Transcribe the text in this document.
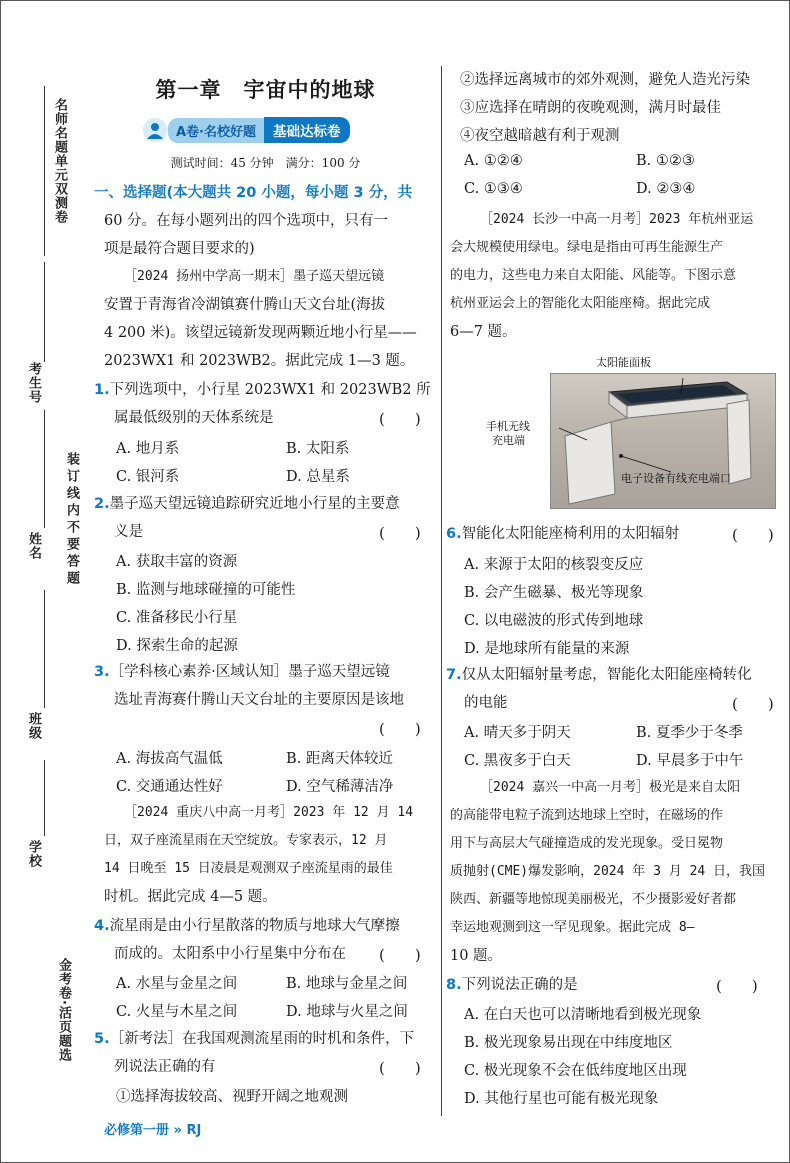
名师名题单元双测卷
考生号
姓名
班级
学校
装订线内不要答题
金考卷·活页题选
第一章　宇宙中的地球
A卷·名校好题	基础达标卷
测试时间：45 分钟　满分：100 分
一、选择题(本大题共 20 小题，每小题 3 分，共
60 分。在每小题列出的四个选项中，只有一
项是最符合题目要求的)
［2024 扬州中学高一期末］墨子巡天望远镜
安置于青海省冷湖镇赛什腾山天文台址(海拔
4 200 米)。该望远镜新发现两颗近地小行星——
2023WX1 和 2023WB2。据此完成 1—3 题。
1.下列选项中，小行星 2023WX1 和 2023WB2 所
属最低级别的天体系统是	(　　)
A. 地月系	B. 太阳系
C. 银河系	D. 总星系
2.墨子巡天望远镜追踪研究近地小行星的主要意
义是	(　　)
A. 获取丰富的资源
B. 监测与地球碰撞的可能性
C. 准备移民小行星
D. 探索生命的起源
3.［学科核心素养·区域认知］墨子巡天望远镜
选址青海赛什腾山天文台址的主要原因是该地
(　　)
A. 海拔高气温低	B. 距离天体较近
C. 交通通达性好	D. 空气稀薄洁净
［2024 重庆八中高一月考］2023 年 12 月 14
日，双子座流星雨在天空绽放。专家表示，12 月
14 日晚至 15 日凌晨是观测双子座流星雨的最佳
时机。据此完成 4—5 题。
4.流星雨是由小行星散落的物质与地球大气摩擦
而成的。太阳系中小行星集中分布在 (　　)
A. 水星与金星之间	B. 地球与金星之间
C. 火星与木星之间	D. 地球与火星之间
5.［新考法］在我国观测流星雨的时机和条件，下
列说法正确的有	(　　)
①选择海拔较高、视野开阔之地观测
必修第一册 » RJ
②选择远离城市的郊外观测，避免人造光污染
③应选择在晴朗的夜晚观测，满月时最佳
④夜空越暗越有利于观测
A. ①②④	B. ①②③
C. ①③④	D. ②③④
［2024 长沙一中高一月考］2023 年杭州亚运
会大规模使用绿电。绿电是指由可再生能源生产
的电力，这些电力来自太阳能、风能等。下图示意
杭州亚运会上的智能化太阳能座椅。据此完成
6—7 题。
太阳能面板
手机无线
充电端
电子设备有线充电端口
6.智能化太阳能座椅利用的太阳辐射	(　　)
A. 来源于太阳的核裂变反应
B. 会产生磁暴、极光等现象
C. 以电磁波的形式传到地球
D. 是地球所有能量的来源
7.仅从太阳辐射量考虑，智能化太阳能座椅转化
的电能	(　　)
A. 晴天多于阴天	B. 夏季少于冬季
C. 黑夜多于白天	D. 早晨多于中午
［2024 嘉兴一中高一月考］极光是来自太阳
的高能带电粒子流到达地球上空时，在磁场的作
用下与高层大气碰撞造成的发光现象。受日冕物
质抛射(CME)爆发影响，2024 年 3 月 24 日，我国
陕西、新疆等地惊现美丽极光，不少摄影爱好者都
幸运地观测到这一罕见现象。据此完成 8—
10 题。
8.下列说法正确的是	(　　)
A. 在白天也可以清晰地看到极光现象
B. 极光现象易出现在中纬度地区
C. 极光现象不会在低纬度地区出现
D. 其他行星也可能有极光现象
